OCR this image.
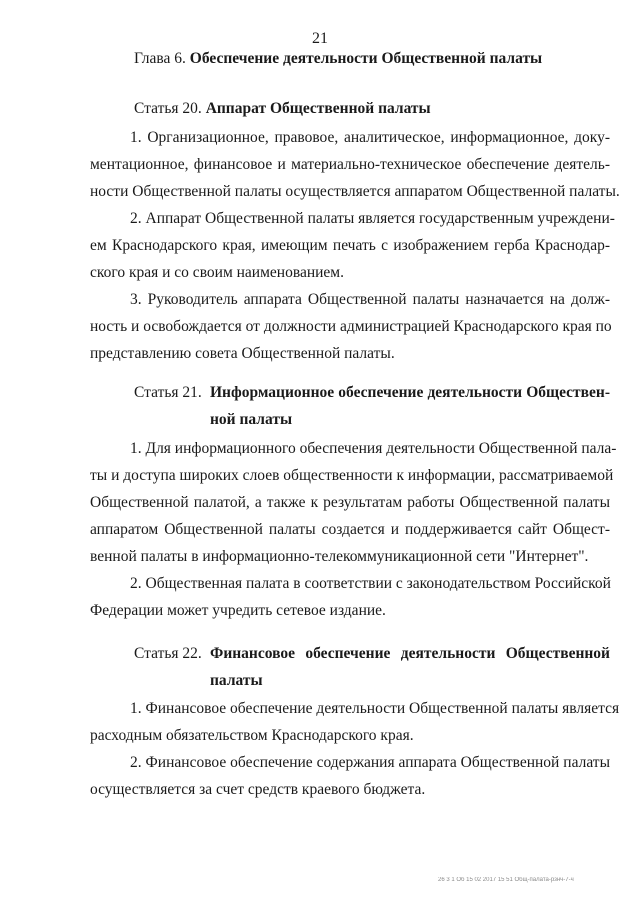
21
Глава 6. Обеспечение деятельности Общественной палаты
Статья 20. Аппарат Общественной палаты
1. Организационное, правовое, аналитическое, информационное, доку-
ментационное, финансовое и материально-техническое обеспечение деятель-
ности Общественной палаты осуществляется аппаратом Общественной палаты.
2. Аппарат Общественной палаты является государственным учреждени-
ем Краснодарского края, имеющим печать с изображением герба Краснодар-
ского края и со своим наименованием.
3. Руководитель аппарата Общественной палаты назначается на долж-
ность и освобождается от должности администрацией Краснодарского края по
представлению совета Общественной палаты.
Статья 21. Информационное обеспечение деятельности Обществен-
ной палаты
1. Для информационного обеспечения деятельности Общественной пала-
ты и доступа широких слоев общественности к информации, рассматриваемой
Общественной палатой, а также к результатам работы Общественной палаты
аппаратом Общественной палаты создается и поддерживается сайт Общест-
венной палаты в информационно-телекоммуникационной сети "Интернет".
2. Общественная палата в соответствии с законодательством Российской
Федерации может учредить сетевое издание.
Статья 22. Финансовое обеспечение деятельности Общественной
палаты
1. Финансовое обеспечение деятельности Общественной палаты является
расходным обязательством Краснодарского края.
2. Финансовое обеспечение содержания аппарата Общественной палаты
осуществляется за счет средств краевого бюджета.
26 3 1 Об 15 02 2017 15 51 Общ-палата-рзнч-7-ч
